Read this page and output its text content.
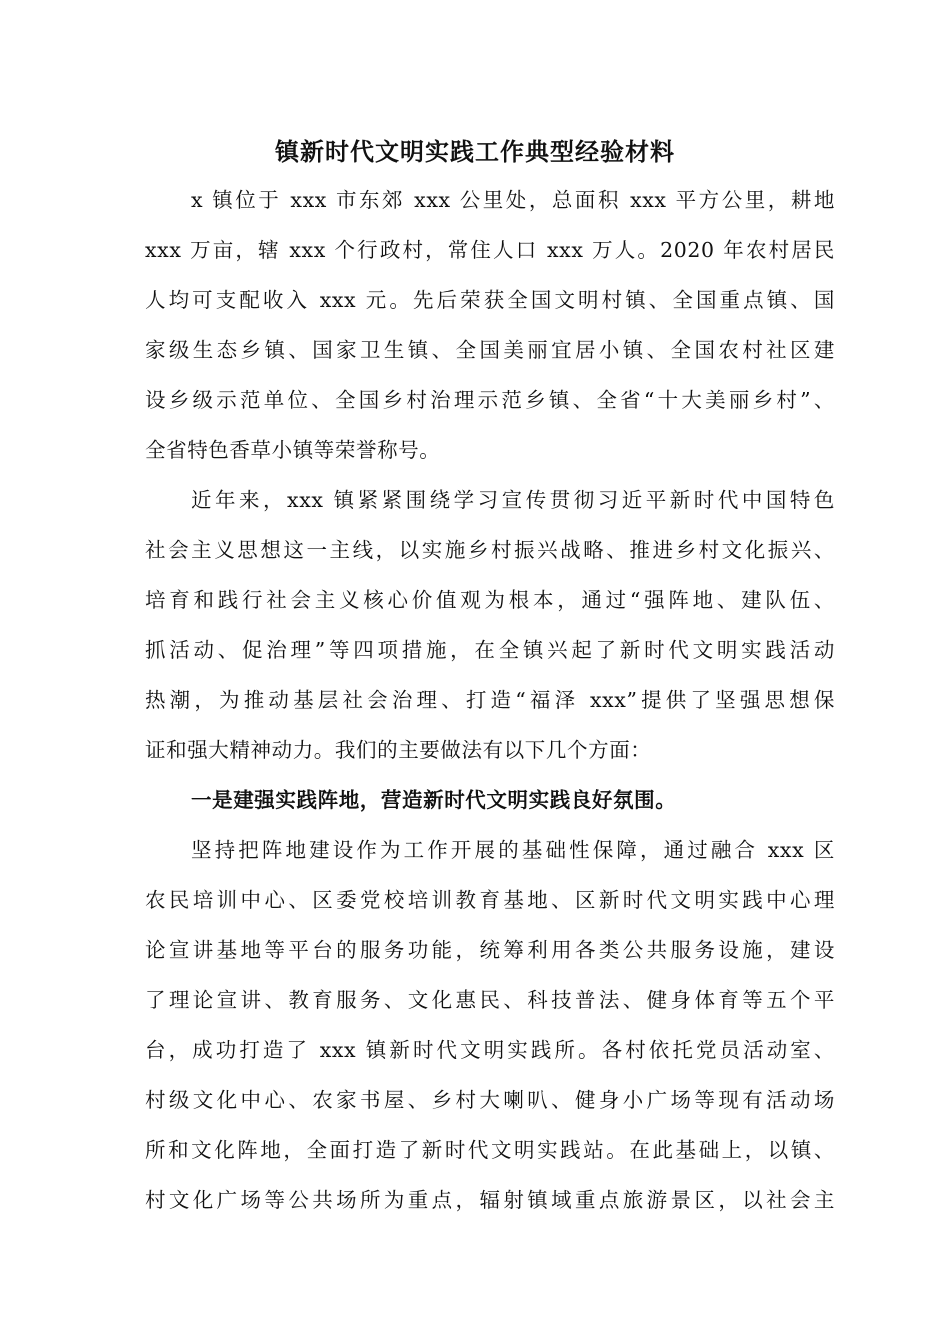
镇新时代文明实践工作典型经验材料

x 镇位于 xxx 市东郊 xxx 公里处，总面积 xxx 平方公里，耕地

xxx 万亩，辖 xxx 个行政村，常住人口 xxx 万人。2020 年农村居民

人均可支配收入 xxx 元。先后荣获全国文明村镇、全国重点镇、国

家级生态乡镇、国家卫生镇、全国美丽宜居小镇、全国农村社区建

设乡级示范单位、全国乡村治理示范乡镇、全省“十大美丽乡村”、

全省特色香草小镇等荣誉称号。

近年来，xxx 镇紧紧围绕学习宣传贯彻习近平新时代中国特色

社会主义思想这一主线，以实施乡村振兴战略、推进乡村文化振兴、

培育和践行社会主义核心价值观为根本，通过“强阵地、建队伍、

抓活动、促治理”等四项措施，在全镇兴起了新时代文明实践活动

热潮，为推动基层社会治理、打造“福泽 xxx”提供了坚强思想保

证和强大精神动力。我们的主要做法有以下几个方面：

一是建强实践阵地，营造新时代文明实践良好氛围。

坚持把阵地建设作为工作开展的基础性保障，通过融合 xxx 区

农民培训中心、区委党校培训教育基地、区新时代文明实践中心理

论宣讲基地等平台的服务功能，统筹利用各类公共服务设施，建设

了理论宣讲、教育服务、文化惠民、科技普法、健身体育等五个平

台，成功打造了 xxx 镇新时代文明实践所。各村依托党员活动室、

村级文化中心、农家书屋、乡村大喇叭、健身小广场等现有活动场

所和文化阵地，全面打造了新时代文明实践站。在此基础上，以镇、

村文化广场等公共场所为重点，辐射镇域重点旅游景区，以社会主
